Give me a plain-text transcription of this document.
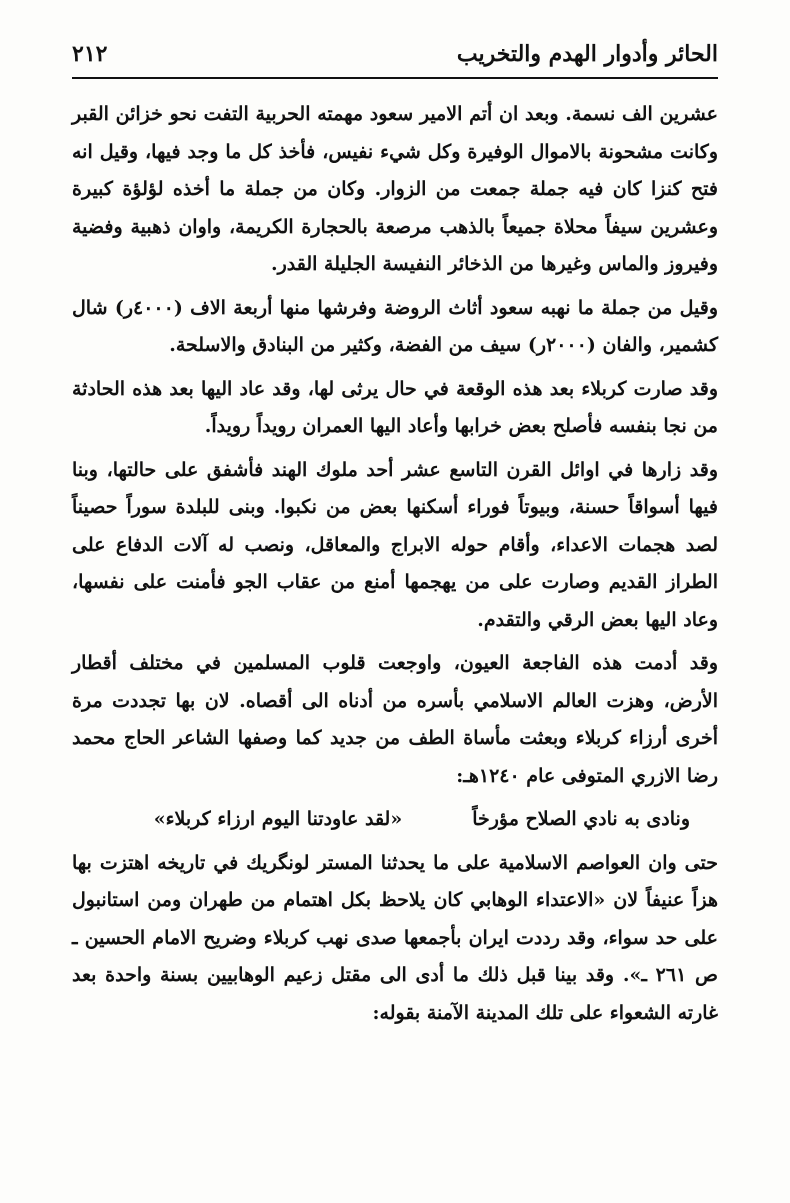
٢١٢	الحائر وأدوار الهدم والتخريب

عشرين الف نسمة. وبعد ان أتم الامير سعود مهمته الحربية التفت نحو خزائن القبر وكانت مشحونة بالاموال الوفيرة وكل شيء نفيس، فأخذ كل ما وجد فيها، وقيل انه فتح كنزا كان فيه جملة جمعت من الزوار. وكان من جملة ما أخذه لؤلؤة كبيرة وعشرين سيفاً محلاة جميعاً بالذهب مرصعة بالحجارة الكريمة، واوان ذهبية وفضية وفيروز والماس وغيرها من الذخائر النفيسة الجليلة القدر.

وقيل من جملة ما نهبه سعود أثاث الروضة وفرشها منها أربعة الاف (٤٠٠٠ر) شال كشمير، والفان (٢٠٠٠ر) سيف من الفضة، وكثير من البنادق والاسلحة.

وقد صارت كربلاء بعد هذه الوقعة في حال يرثى لها، وقد عاد اليها بعد هذه الحادثة من نجا بنفسه فأصلح بعض خرابها وأعاد اليها العمران رويداً رويداً.

وقد زارها في اوائل القرن التاسع عشر أحد ملوك الهند فأشفق على حالتها، وبنا فيها أسواقاً حسنة، وبيوتاً فوراء أسكنها بعض من نكبوا. وبنى للبلدة سوراً حصيناً لصد هجمات الاعداء، وأقام حوله الابراج والمعاقل، ونصب له آلات الدفاع على الطراز القديم وصارت على من يهجمها أمنع من عقاب الجو فأمنت على نفسها، وعاد اليها بعض الرقي والتقدم.

وقد أدمت هذه الفاجعة العيون، واوجعت قلوب المسلمين في مختلف أقطار الأرض، وهزت العالم الاسلامي بأسره من أدناه الى أقصاه. لان بها تجددت مرة أخرى أرزاء كربلاء وبعثت مأساة الطف من جديد كما وصفها الشاعر الحاج محمد رضا الازري المتوفى عام ١٢٤٠هـ:

ونادى به نادي الصلاح مؤرخاً
«لقد عاودتنا اليوم ارزاء كربلاء»

حتى وان العواصم الاسلامية على ما يحدثنا المستر لونگريك في تاريخه اهتزت بها هزاً عنيفاً لان «الاعتداء الوهابي كان يلاحظ بكل اهتمام من طهران ومن استانبول على حد سواء، وقد رددت ايران بأجمعها صدى نهب كربلاء وضريح الامام الحسين ـ ص ٢٦١ ـ». وقد بينا قبل ذلك ما أدى الى مقتل زعيم الوهابيين بسنة واحدة بعد غارته الشعواء على تلك المدينة الآمنة بقوله:
